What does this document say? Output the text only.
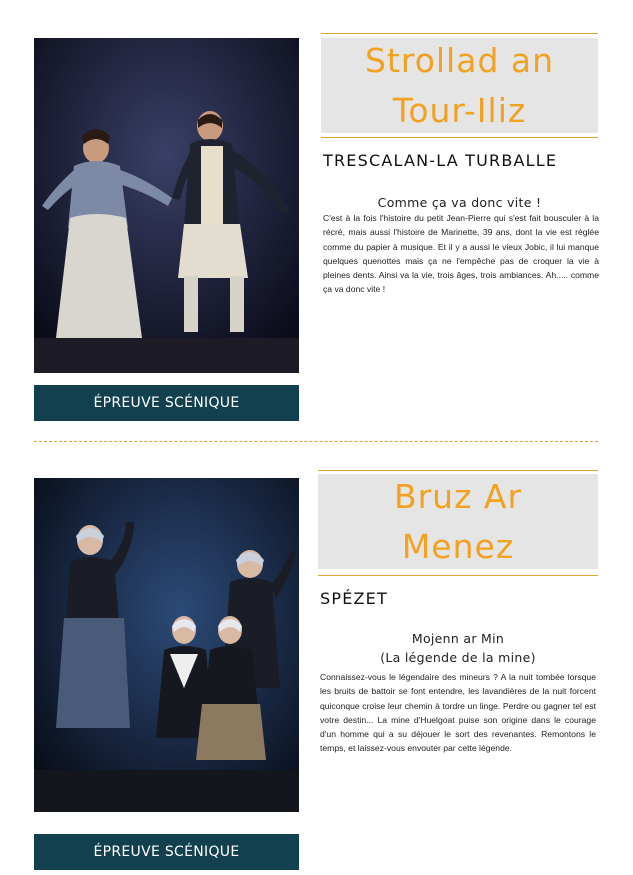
ÉPREUVE SCÉNIQUE
Strollad an
Tour-Iliz
TRESCALAN-LA TURBALLE
Comme ça va donc vite !
C'est à la fois l'histoire du petit Jean-Pierre qui s'est fait bousculer à la récré, mais aussi l'histoire de Marinette, 39 ans, dont la vie est réglée comme du papier à musique. Et il y a aussi le vieux Jobic, il lui manque quelques quenottes mais ça ne l'empêche pas de croquer la vie à pleines dents. Ainsi va la vie, trois âges, trois ambiances. Ah..... comme ça va donc vite !
ÉPREUVE SCÉNIQUE
Bruz Ar
Menez
SPÉZET
Mojenn ar Min
(La légende de la mine)
Connaissez-vous le légendaire des mineurs ? A la nuit tombée lorsque les bruits de battoir se font entendre, les lavandières de la nuit forcent quiconque croise leur chemin à tordre un linge. Perdre ou gagner tel est votre destin... La mine d'Huelgoat puise son origine dans le courage d'un homme qui a su déjouer le sort des revenantes. Remontons le temps, et laissez-vous envouter par cette légende.
